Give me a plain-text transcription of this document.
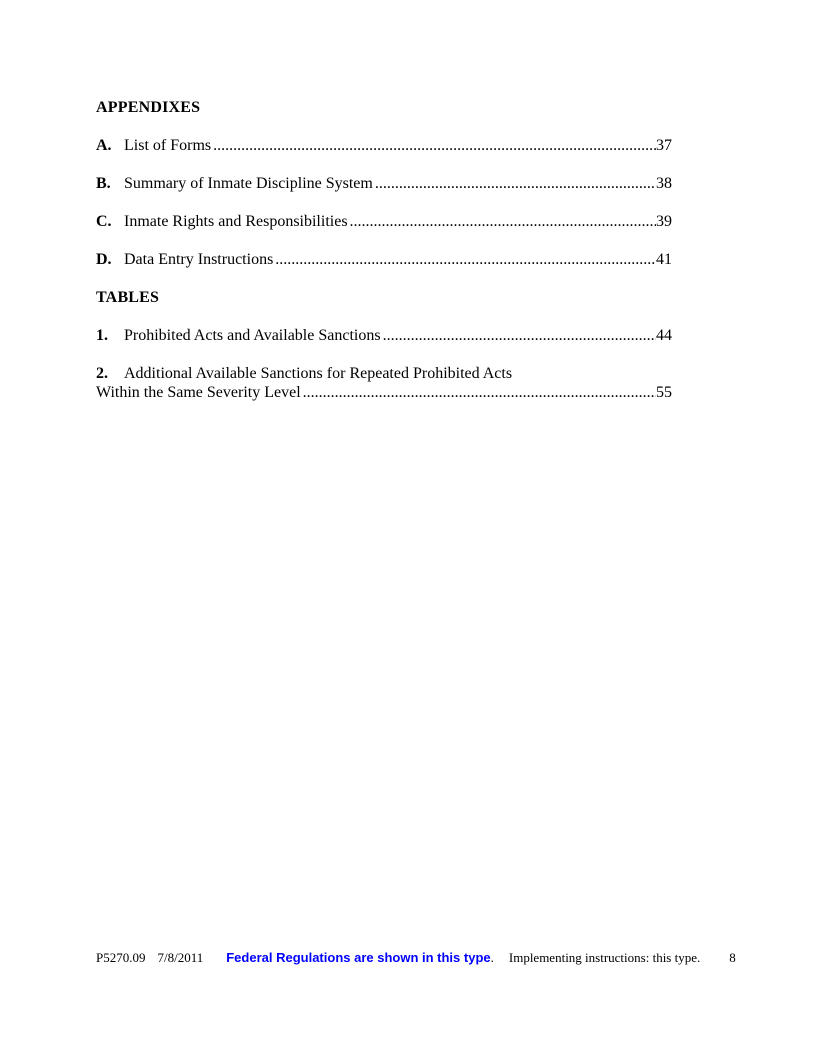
APPENDIXES
A. List of Forms .....	37
B. Summary of Inmate Discipline System .....	38
C. Inmate Rights and Responsibilities .....	39
D. Data Entry Instructions .....	41
TABLES
1.	Prohibited Acts and Available Sanctions .....	44
2.	Additional Available Sanctions for Repeated Prohibited Acts
Within the Same Severity Level .....	55
P5270.09 7/8/2011 Federal Regulations are shown in this type . Implementing instructions: this type. 8
